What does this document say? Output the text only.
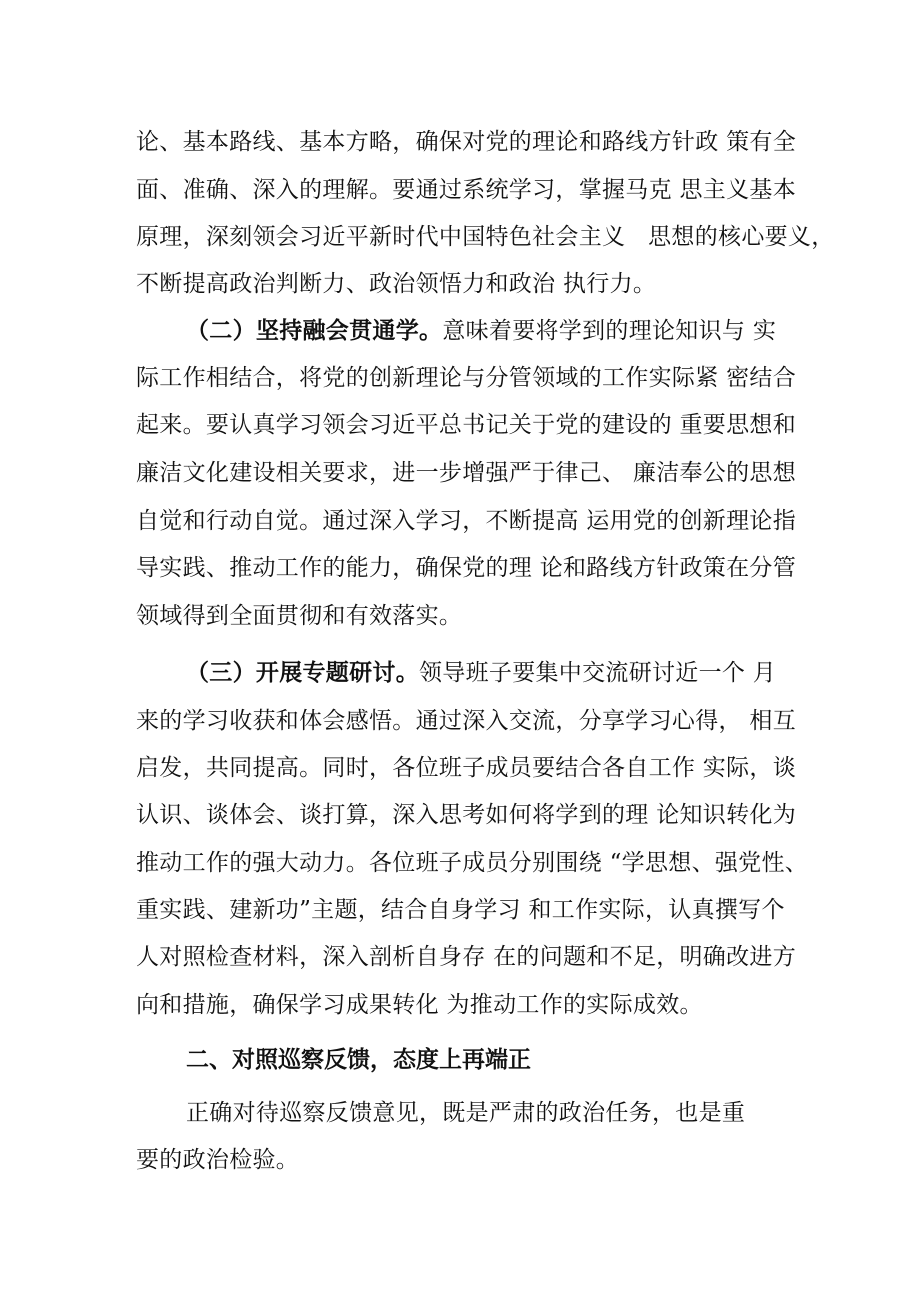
论、基本路线、基本方略，确保对党的理论和路线方针政 策有全
面、准确、深入的理解。要通过系统学习，掌握马克 思主义基本
原理，深刻领会习近平新时代中国特色社会主义   思想的核心要义，
不断提高政治判断力、政治领悟力和政治 执行力。
（二）坚持融会贯通学。意味着要将学到的理论知识与 实
际工作相结合，将党的创新理论与分管领域的工作实际紧 密结合
起来。要认真学习领会习近平总书记关于党的建设的 重要思想和
廉洁文化建设相关要求，进一步增强严于律己、 廉洁奉公的思想
自觉和行动自觉。通过深入学习，不断提高 运用党的创新理论指
导实践、推动工作的能力，确保党的理 论和路线方针政策在分管
领域得到全面贯彻和有效落实。
（三）开展专题研讨。领导班子要集中交流研讨近一个 月
来的学习收获和体会感悟。通过深入交流，分享学习心得， 相互
启发，共同提高。同时，各位班子成员要结合各自工作 实际，谈
认识、谈体会、谈打算，深入思考如何将学到的理 论知识转化为
推动工作的强大动力。各位班子成员分别围绕 “学思想、强党性、
重实践、建新功”主题，结合自身学习 和工作实际，认真撰写个
人对照检查材料，深入剖析自身存 在的问题和不足，明确改进方
向和措施，确保学习成果转化 为推动工作的实际成效。
二、对照巡察反馈，态度上再端正
正确对待巡察反馈意见，既是严肃的政治任务，也是重
要的政治检验。
